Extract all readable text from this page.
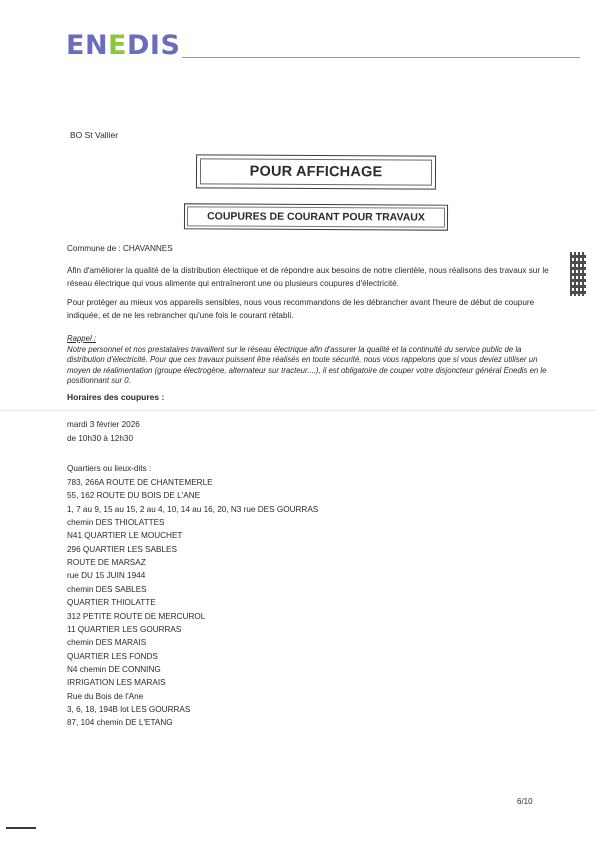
ENEDIS
BO St Vallier
POUR AFFICHAGE
COUPURES DE COURANT POUR TRAVAUX
Commune de : CHAVANNES
Afin d'améliorer la qualité de la distribution électrique et de répondre aux besoins de notre clientèle, nous réalisons des travaux sur le réseau électrique qui vous alimente qui entraîneront une ou plusieurs coupures d'électricité.
Pour protéger au mieux vos appareils sensibles, nous vous recommandons de les débrancher avant l'heure de début de coupure indiquée, et de ne les rebrancher qu'une fois le courant rétabli.
Rappel :
Notre personnel et nos prestataires travaillent sur le réseau électrique afin d'assurer la qualité et la continuité du service public de la distribution d'électricité. Pour que ces travaux puissent être réalisés en toute sécurité, nous vous rappelons que si vous deviez utiliser un moyen de réalimentation (groupe électrogène, alternateur sur tracteur....), il est obligatoire de couper votre disjoncteur général Enedis en le positionnant sur 0.
Horaires des coupures :
mardi 3 février 2026
de 10h30 à 12h30
Quartiers ou lieux-dits :
783, 266A ROUTE DE CHANTEMERLE
55, 162 ROUTE DU BOIS DE L'ANE
1, 7 au 9, 15 au 15, 2 au 4, 10, 14 au 16, 20, N3 rue DES GOURRAS
chemin DES THIOLATTES
N41 QUARTIER LE MOUCHET
296 QUARTIER LES SABLES
ROUTE DE MARSAZ
rue DU 15 JUIN 1944
chemin DES SABLES
QUARTIER THIOLATTE
312 PETITE ROUTE DE MERCUROL
11 QUARTIER LES GOURRAS
chemin DES MARAIS
QUARTIER LES FONDS
N4 chemin DE CONNING
IRRIGATION LES MARAIS
Rue du Bois de l'Ane
3, 6, 18, 194B lot LES GOURRAS
87, 104 chemin DE L'ETANG
6/10
